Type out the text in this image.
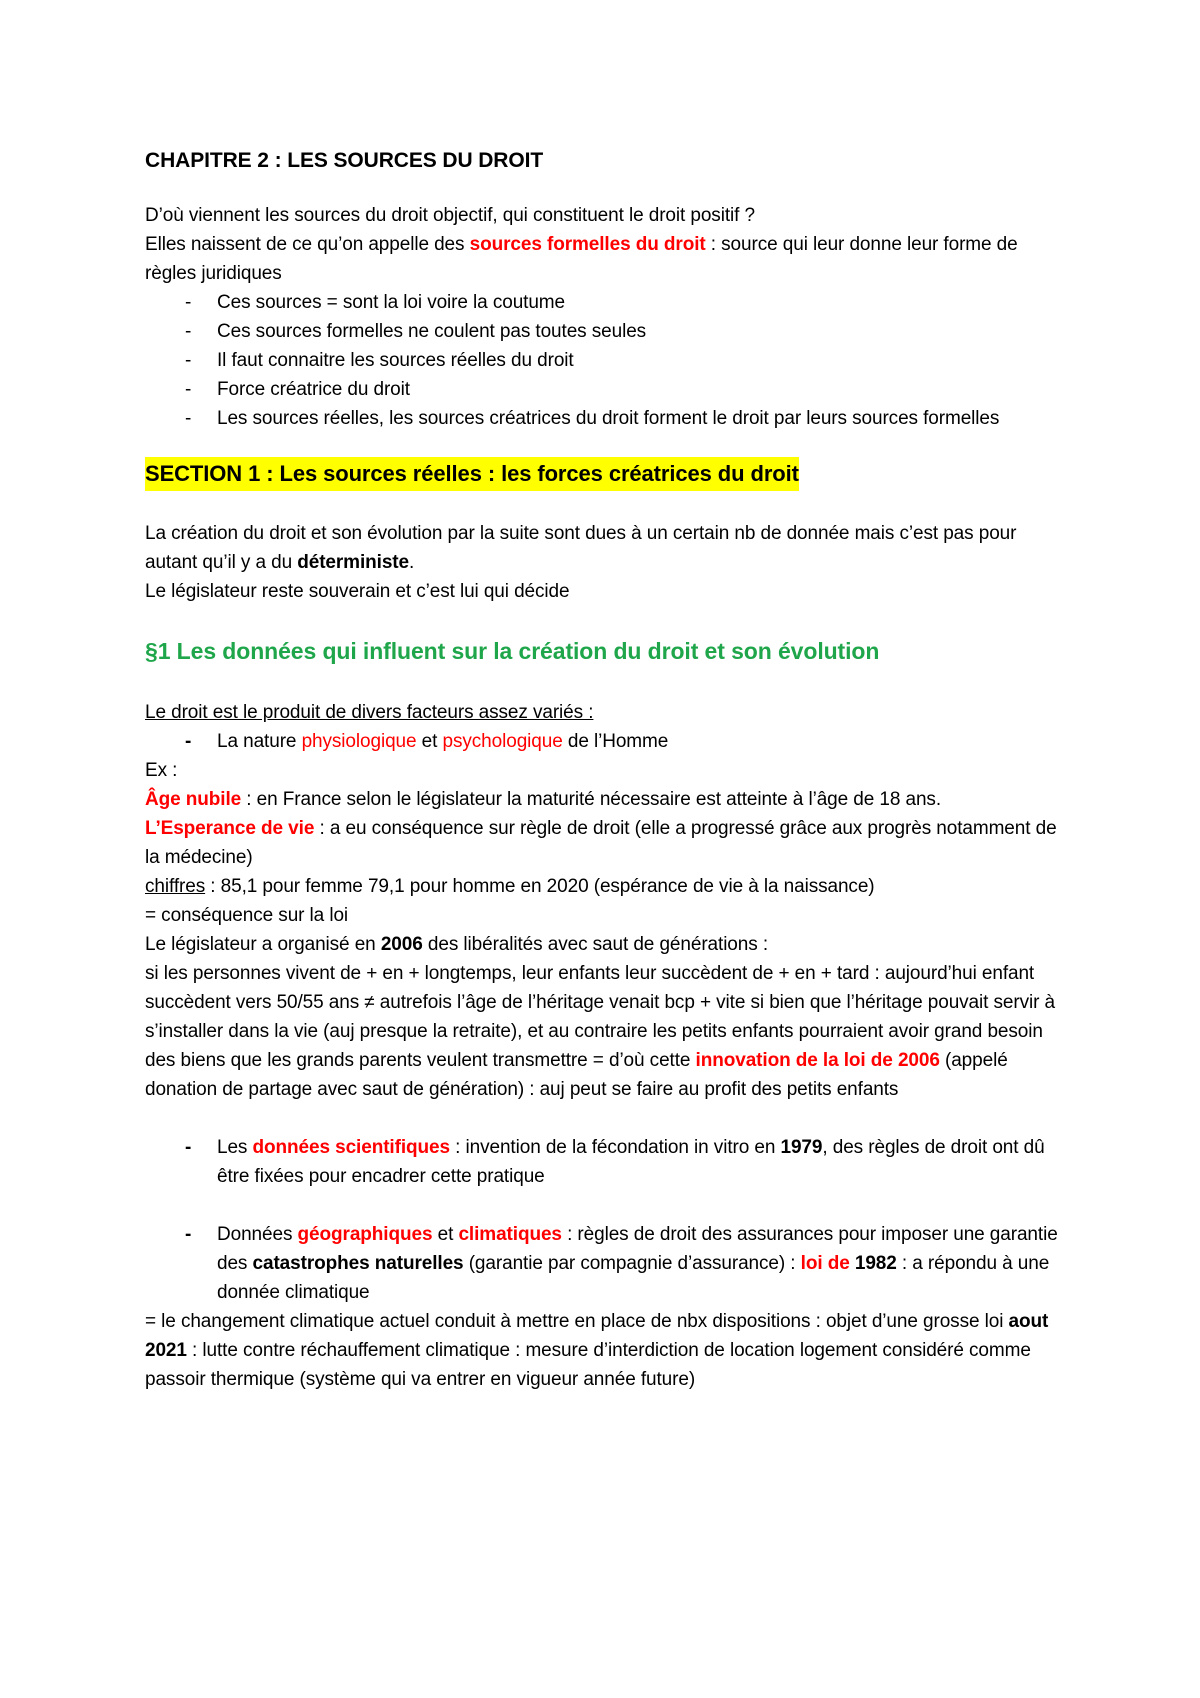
CHAPITRE 2 : LES SOURCES DU DROIT

D’où viennent les sources du droit objectif, qui constituent le droit positif ?

Elles naissent de ce qu’on appelle des sources formelles du droit : source qui leur donne leur forme de règles juridiques

- Ces sources = sont la loi voire la coutume
- Ces sources formelles ne coulent pas toutes seules
- Il faut connaitre les sources réelles du droit
- Force créatrice du droit
- Les sources réelles, les sources créatrices du droit forment le droit par leurs sources formelles
SECTION 1 : Les sources réelles : les forces créatrices du droit

La création du droit et son évolution par la suite sont dues à un certain nb de donnée mais c’est pas pour autant qu’il y a du déterministe.

Le législateur reste souverain et c’est lui qui décide

§1 Les données qui influent sur la création du droit et son évolution

Le droit est le produit de divers facteurs assez variés :

- La nature physiologique et psychologique de l’Homme

Ex :

Âge nubile : en France selon le législateur la maturité nécessaire est atteinte à l’âge de 18 ans.

L’Esperance de vie : a eu conséquence sur règle de droit (elle a progressé grâce aux progrès notamment de la médecine)

chiffres : 85,1 pour femme 79,1 pour homme en 2020 (espérance de vie à la naissance)

= conséquence sur la loi

Le législateur a organisé en 2006 des libéralités avec saut de générations :

si les personnes vivent de + en + longtemps, leur enfants leur succèdent de + en + tard : aujourd’hui enfant succèdent vers 50/55 ans ≠ autrefois l’âge de l’héritage venait bcp + vite si bien que l’héritage pouvait servir à s’installer dans la vie (auj presque la retraite), et au contraire les petits enfants pourraient avoir grand besoin des biens que les grands parents veulent transmettre = d’où cette innovation de la loi de 2006 (appelé donation de partage avec saut de génération) : auj peut se faire au profit des petits enfants

- Les données scientifiques : invention de la fécondation in vitro en 1979, des règles de droit ont dû être fixées pour encadrer cette pratique
- Données géographiques et climatiques : règles de droit des assurances pour imposer une garantie des catastrophes naturelles (garantie par compagnie d’assurance) : loi de 1982 : a répondu à une donnée climatique

= le changement climatique actuel conduit à mettre en place de nbx dispositions : objet d’une grosse loi aout 2021 : lutte contre réchauffement climatique : mesure d’interdiction de location logement considéré comme passoir thermique (système qui va entrer en vigueur année future)
